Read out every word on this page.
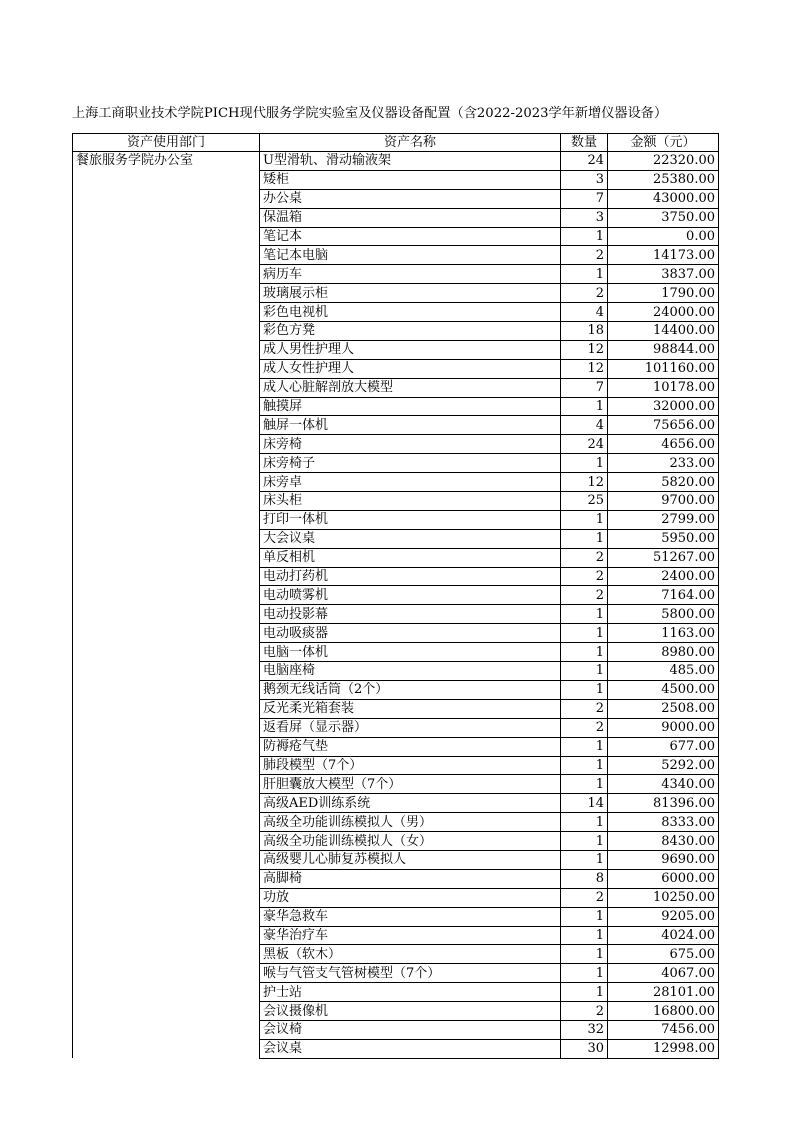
上海工商职业技术学院PICH现代服务学院实验室及仪器设备配置（含2022-2023学年新增仪器设备）
资产使用部门	资产名称	数量	金额（元）
餐旅服务学院办公室	U型滑轨、滑动输液架	24	22320.00
	矮柜	3	25380.00
	办公桌	7	43000.00
	保温箱	3	3750.00
	笔记本	1	0.00
	笔记本电脑	2	14173.00
	病历车	1	3837.00
	玻璃展示柜	2	1790.00
	彩色电视机	4	24000.00
	彩色方凳	18	14400.00
	成人男性护理人	12	98844.00
	成人女性护理人	12	101160.00
	成人心脏解剖放大模型	7	10178.00
	触摸屏	1	32000.00
	触屏一体机	4	75656.00
	床旁椅	24	4656.00
	床旁椅子	1	233.00
	床旁卓	12	5820.00
	床头柜	25	9700.00
	打印一体机	1	2799.00
	大会议桌	1	5950.00
	单反相机	2	51267.00
	电动打药机	2	2400.00
	电动喷雾机	2	7164.00
	电动投影幕	1	5800.00
	电动吸痰器	1	1163.00
	电脑一体机	1	8980.00
	电脑座椅	1	485.00
	鹅颈无线话筒（2个）	1	4500.00
	反光柔光箱套装	2	2508.00
	返看屏（显示器）	2	9000.00
	防褥疮气垫	1	677.00
	肺段模型（7个）	1	5292.00
	肝胆囊放大模型（7个）	1	4340.00
	高级AED训练系统	14	81396.00
	高级全功能训练模拟人（男）	1	8333.00
	高级全功能训练模拟人（女）	1	8430.00
	高级婴儿心肺复苏模拟人	1	9690.00
	高脚椅	8	6000.00
	功放	2	10250.00
	豪华急救车	1	9205.00
	豪华治疗车	1	4024.00
	黑板（软木）	1	675.00
	喉与气管支气管树模型（7个）	1	4067.00
	护士站	1	28101.00
	会议摄像机	2	16800.00
	会议椅	32	7456.00
	会议桌	30	12998.00
